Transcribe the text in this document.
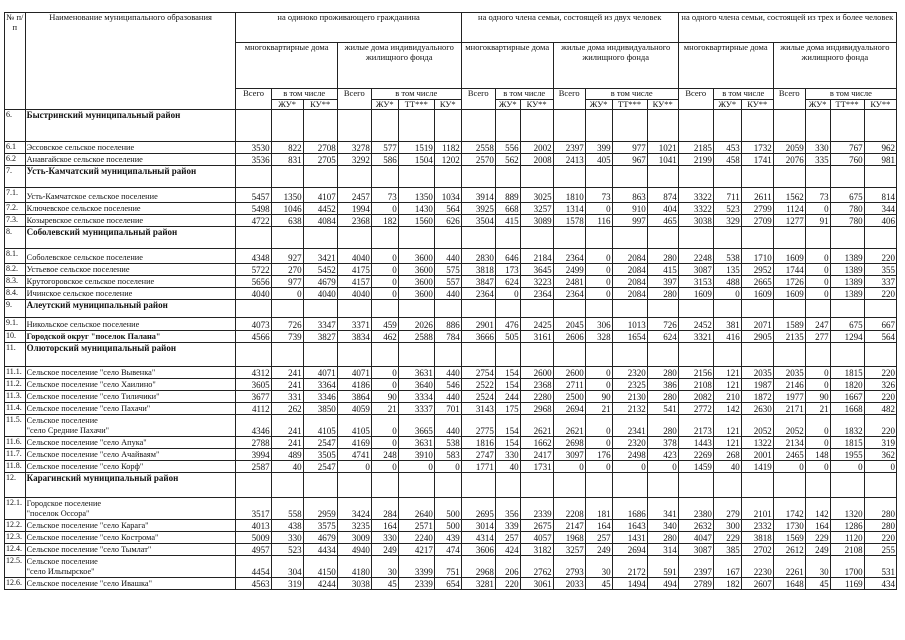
№ п/п	Наименование муниципального образования	на одиноко проживающего гражданина							на одного члена семьи, состоящей из двух человек							на одного члена семьи, состоящей из трех и более человек						
		многоквартирные дома			жилые дома индивидуального жилищного фонда				многоквартирные дома			жилые дома индивидуального жилищного фонда				многоквартирные дома			жилые дома индивидуального жилищного фонда			
		Всего	в том числе		Всего	в том числе			Всего	в том числе		Всего	в том числе			Всего	в том числе		Всего	в том числе		
			ЖУ*	КУ**		ЖУ*	ТТ***	КУ*		ЖУ*	КУ**		ЖУ*	ТТ***	КУ**		ЖУ*	КУ**		ЖУ*	ТТ***	КУ**
6.	Быстринский муниципальный район																					
6.1	Эссовское сельское поселение	3530	822	2708	3278	577	1519	1182	2558	556	2002	2397	399	977	1021	2185	453	1732	2059	330	767	962
6.2	Анавгайское сельское поселение	3536	831	2705	3292	586	1504	1202	2570	562	2008	2413	405	967	1041	2199	458	1741	2076	335	760	981
7.	Усть-Камчатский муниципальный район																					
7.1.	Усть-Камчатское сельское поселение	5457	1350	4107	2457	73	1350	1034	3914	889	3025	1810	73	863	874	3322	711	2611	1562	73	675	814
7.2.	Ключевское сельское поселение	5498	1046	4452	1994	0	1430	564	3925	668	3257	1314	0	910	404	3322	523	2799	1124	0	780	344
7.3.	Козыревское сельское поселение	4722	638	4084	2368	182	1560	626	3504	415	3089	1578	116	997	465	3038	329	2709	1277	91	780	406
8.	Соболевский муниципальный район																					
8.1.	Соболевское сельское поселение	4348	927	3421	4040	0	3600	440	2830	646	2184	2364	0	2084	280	2248	538	1710	1609	0	1389	220
8.2.	Устьевое сельское поселение	5722	270	5452	4175	0	3600	575	3818	173	3645	2499	0	2084	415	3087	135	2952	1744	0	1389	355
8.3.	Крутогоровское сельское поселение	5656	977	4679	4157	0	3600	557	3847	624	3223	2481	0	2084	397	3153	488	2665	1726	0	1389	337
8.4.	Ичинское сельское поселение	4040	0	4040	4040	0	3600	440	2364	0	2364	2364	0	2084	280	1609	0	1609	1609	0	1389	220
9.	Алеутский муниципальный район																					
9.1.	Никольское сельское поселение	4073	726	3347	3371	459	2026	886	2901	476	2425	2045	306	1013	726	2452	381	2071	1589	247	675	667
10.	Городской округ "поселок Палана"	4566	739	3827	3834	462	2588	784	3666	505	3161	2606	328	1654	624	3321	416	2905	2135	277	1294	564
11.	Олюторский муниципальный район																					
11.1.	Сельское поселение "село Вывенка"	4312	241	4071	4071	0	3631	440	2754	154	2600	2600	0	2320	280	2156	121	2035	2035	0	1815	220
11.2.	Сельское поселение "село Хаилино"	3605	241	3364	4186	0	3640	546	2522	154	2368	2711	0	2325	386	2108	121	1987	2146	0	1820	326
11.3.	Сельское поселение "село Тиличики"	3677	331	3346	3864	90	3334	440	2524	244	2280	2500	90	2130	280	2082	210	1872	1977	90	1667	220
11.4.	Сельское поселение "село Пахачи"	4112	262	3850	4059	21	3337	701	3143	175	2968	2694	21	2132	541	2772	142	2630	2171	21	1668	482
11.5.	Сельское поселение
"село Средние Пахачи"	4346	241	4105	4105	0	3665	440	2775	154	2621	2621	0	2341	280	2173	121	2052	2052	0	1832	220
11.6.	Сельское поселение "село Апука"	2788	241	2547	4169	0	3631	538	1816	154	1662	2698	0	2320	378	1443	121	1322	2134	0	1815	319
11.7.	Сельское поселение "село Ачайваям"	3994	489	3505	4741	248	3910	583	2747	330	2417	3097	176	2498	423	2269	268	2001	2465	148	1955	362
11.8.	Сельское поселение "село Корф"	2587	40	2547	0	0	0	0	1771	40	1731	0	0	0	0	1459	40	1419	0	0	0	0
12.	Карагинский муниципальный район																					
12.1.	Городское поселение
"поселок Оссора"	3517	558	2959	3424	284	2640	500	2695	356	2339	2208	181	1686	341	2380	279	2101	1742	142	1320	280
12.2.	Сельское поселение "село Карага"	4013	438	3575	3235	164	2571	500	3014	339	2675	2147	164	1643	340	2632	300	2332	1730	164	1286	280
12.3.	Сельское поселение "село Кострома"	5009	330	4679	3009	330	2240	439	4314	257	4057	1968	257	1431	280	4047	229	3818	1569	229	1120	220
12.4.	Сельское поселение "село Тымлат"	4957	523	4434	4940	249	4217	474	3606	424	3182	3257	249	2694	314	3087	385	2702	2612	249	2108	255
12.5.	Сельское поселение
"село Ильпырское"	4454	304	4150	4180	30	3399	751	2968	206	2762	2793	30	2172	591	2397	167	2230	2261	30	1700	531
12.6.	Сельское поселение "село Ивашка"	4563	319	4244	3038	45	2339	654	3281	220	3061	2033	45	1494	494	2789	182	2607	1648	45	1169	434
